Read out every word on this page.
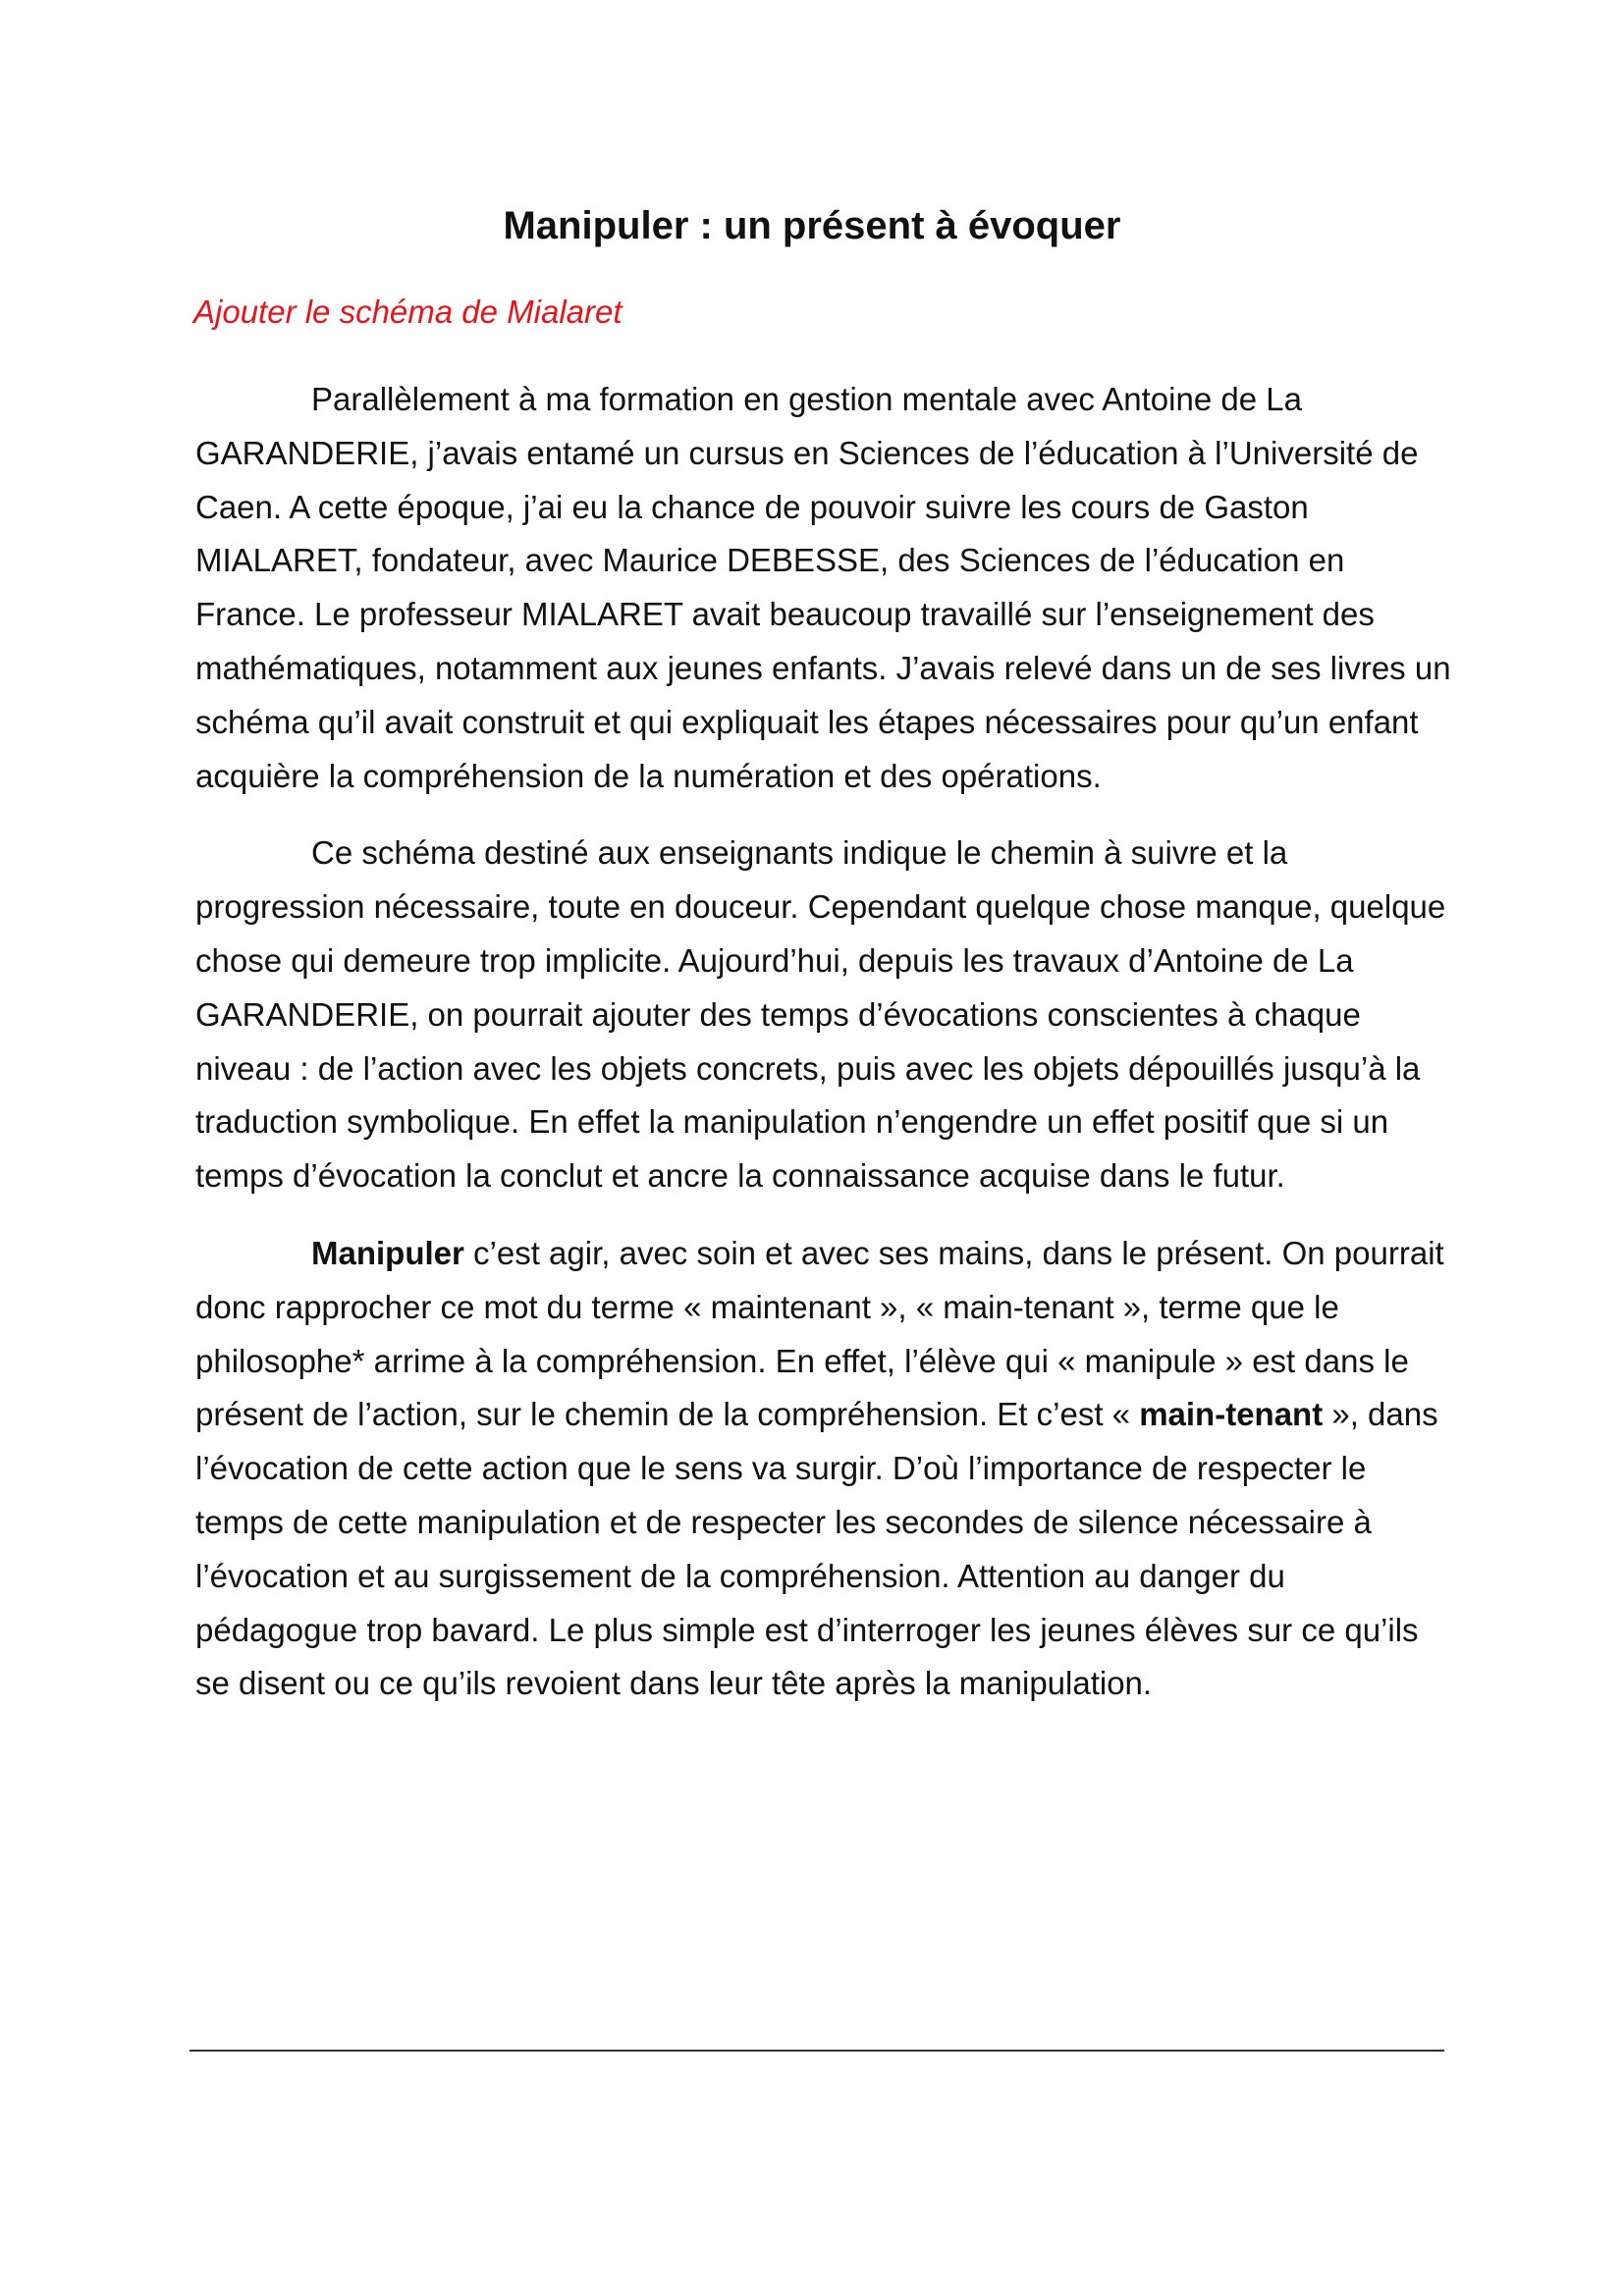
Manipuler : un présent à évoquer

Ajouter le schéma de Mialaret

Parallèlement à ma formation en gestion mentale avec Antoine de La GARANDERIE, j’avais entamé un cursus en Sciences de l’éducation à l’Université de Caen. A cette époque, j’ai eu la chance de pouvoir suivre les cours de Gaston MIALARET, fondateur, avec Maurice DEBESSE, des Sciences de l’éducation en France. Le professeur MIALARET avait beaucoup travaillé sur l’enseignement des mathématiques, notamment aux jeunes enfants. J’avais relevé dans un de ses livres un schéma qu’il avait construit et qui expliquait les étapes nécessaires pour qu’un enfant acquière la compréhension de la numération et des opérations.

Ce schéma destiné aux enseignants indique le chemin à suivre et la progression nécessaire, toute en douceur. Cependant quelque chose manque, quelque chose qui demeure trop implicite. Aujourd’hui, depuis les travaux d’Antoine de La GARANDERIE, on pourrait ajouter des temps d’évocations conscientes à chaque niveau : de l’action avec les objets concrets, puis avec les objets dépouillés jusqu’à la traduction symbolique. En effet la manipulation n’engendre un effet positif que si un temps d’évocation la conclut et ancre la connaissance acquise dans le futur.

Manipuler c’est agir, avec soin et avec ses mains, dans le présent. On pourrait donc rapprocher ce mot du terme « maintenant », « main-tenant », terme que le philosophe* arrime à la compréhension. En effet, l’élève qui « manipule » est dans le présent de l’action, sur le chemin de la compréhension. Et c’est « main-tenant », dans l’évocation de cette action que le sens va surgir. D’où l’importance de respecter le temps de cette manipulation et de respecter les secondes de silence nécessaire à l’évocation et au surgissement de la compréhension. Attention au danger du pédagogue trop bavard. Le plus simple est d’interroger les jeunes élèves sur ce qu’ils se disent ou ce qu’ils revoient dans leur tête après la manipulation.
